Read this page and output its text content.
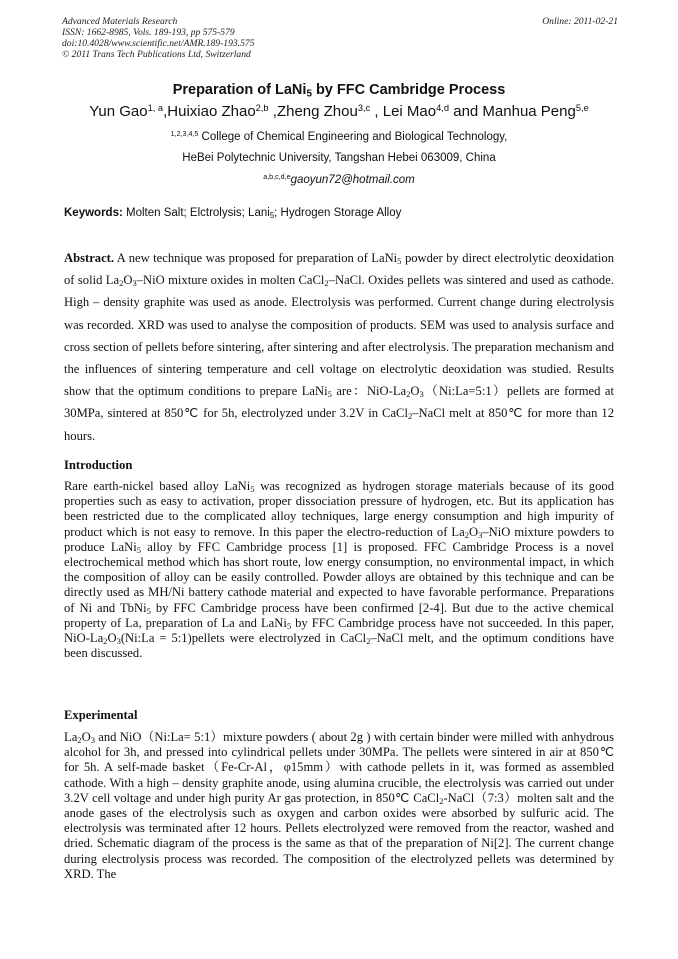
Advanced Materials Research
ISSN: 1662-8985, Vols. 189-193, pp 575-579
doi:10.4028/www.scientific.net/AMR.189-193.575
© 2011 Trans Tech Publications Ltd, Switzerland
Online: 2011-02-21
Preparation of LaNi$_5$ by FFC Cambridge Process
Yun Gao$^{1, a}$,Huixiao Zhao$^{2,b}$ ,Zheng Zhou$^{3,c}$ , Lei Mao$^{4,d}$ and Manhua Peng$^{5,e}$
$^{1,2,3,4,5}$ College of Chemical Engineering and Biological Technology,
HeBei Polytechnic University, Tangshan Hebei 063009, China
$^{a,b,c,d,e}$gaoyun72@hotmail.com
Keywords: Molten Salt; Elctrolysis; Lani$_5$; Hydrogen Storage Alloy
Abstract. A new technique was proposed for preparation of LaNi$_5$ powder by direct electrolytic deoxidation of solid $La_2O_3$–NiO mixture oxides in molten CaCl$_2$–NaCl. Oxides pellets was sintered and used as cathode. High – density graphite was used as anode. Electrolysis was performed. Current change during electrolysis was recorded. XRD was used to analyse the composition of products. SEM was used to analysis surface and cross section of pellets before sintering, after sintering and after electrolysis. The preparation mechanism and the influences of sintering temperature and cell voltage on electrolytic deoxidation was studied. Results show that the optimum conditions to prepare LaNi$_5$ are：NiO-$La_2O_3(Ni:La=5:1)pellets$ are formed at 30MPa, sintered at 850℃ for 5h, electrolyzed under 3.2V in CaCl$_2$–NaCl melt at 850℃ for more than 12 hours.
Introduction
Rare earth-nickel based alloy LaNi$_5$ was recognized as hydrogen storage materials because of its good properties such as easy to activation, proper dissociation pressure of hydrogen, etc. But its application has been restricted due to the complicated alloy techniques, large energy consumption and high impurity of product which is not easy to remove. In this paper the electro-reduction of $La_2O_3$–NiO mixture powders to produce LaNi$_5$ alloy by FFC Cambridge process [1] is proposed. FFC Cambridge Process is a novel electrochemical method which has short route, low energy consumption, no environmental impact, in which the composition of alloy can be easily controlled. Powder alloys are obtained by this technique and can be directly used as MH/Ni battery cathode material and expected to have favorable performance. Preparations of Ni and TbNi$_5$ by FFC Cambridge process have been confirmed [2-4]. But due to the active chemical property of La, preparation of La and LaNi$_5$ by FFC Cambridge process have not succeeded. In this paper, NiO-$La_2O_3(Ni:La$ = 5:1)pellets were electrolyzed in CaCl$_2$–NaCl melt, and the optimum conditions have been discussed.
Experimental
$La_2O_3$ and NiO（Ni:La= 5:1）mixture powders ( about 2g ) with certain binder were milled with anhydrous alcohol for 3h, and pressed into cylindrical pellets under 30MPa. The pellets were sintered in air at 850℃ for 5h. A self-made basket（Fe-Cr-Al，φ15mm）with cathode pellets in it, was formed as assembled cathode. With a high – density graphite anode, using alumina crucible, the electrolysis was carried out under 3.2V cell voltage and under high purity Ar gas protection, in 850℃ CaCl$_2$-NaCl（7:3）molten salt and the anode gases of the electrolysis such as oxygen and carbon oxides were absorbed by sulfuric acid. The electrolysis was terminated after 12 hours. Pellets electrolyzed were removed from the reactor, washed and dried. Schematic diagram of the process is the same as that of the preparation of Ni[2]. The current change during electrolysis process was recorded. The composition of the electrolyzed pellets was determined by XRD. The
